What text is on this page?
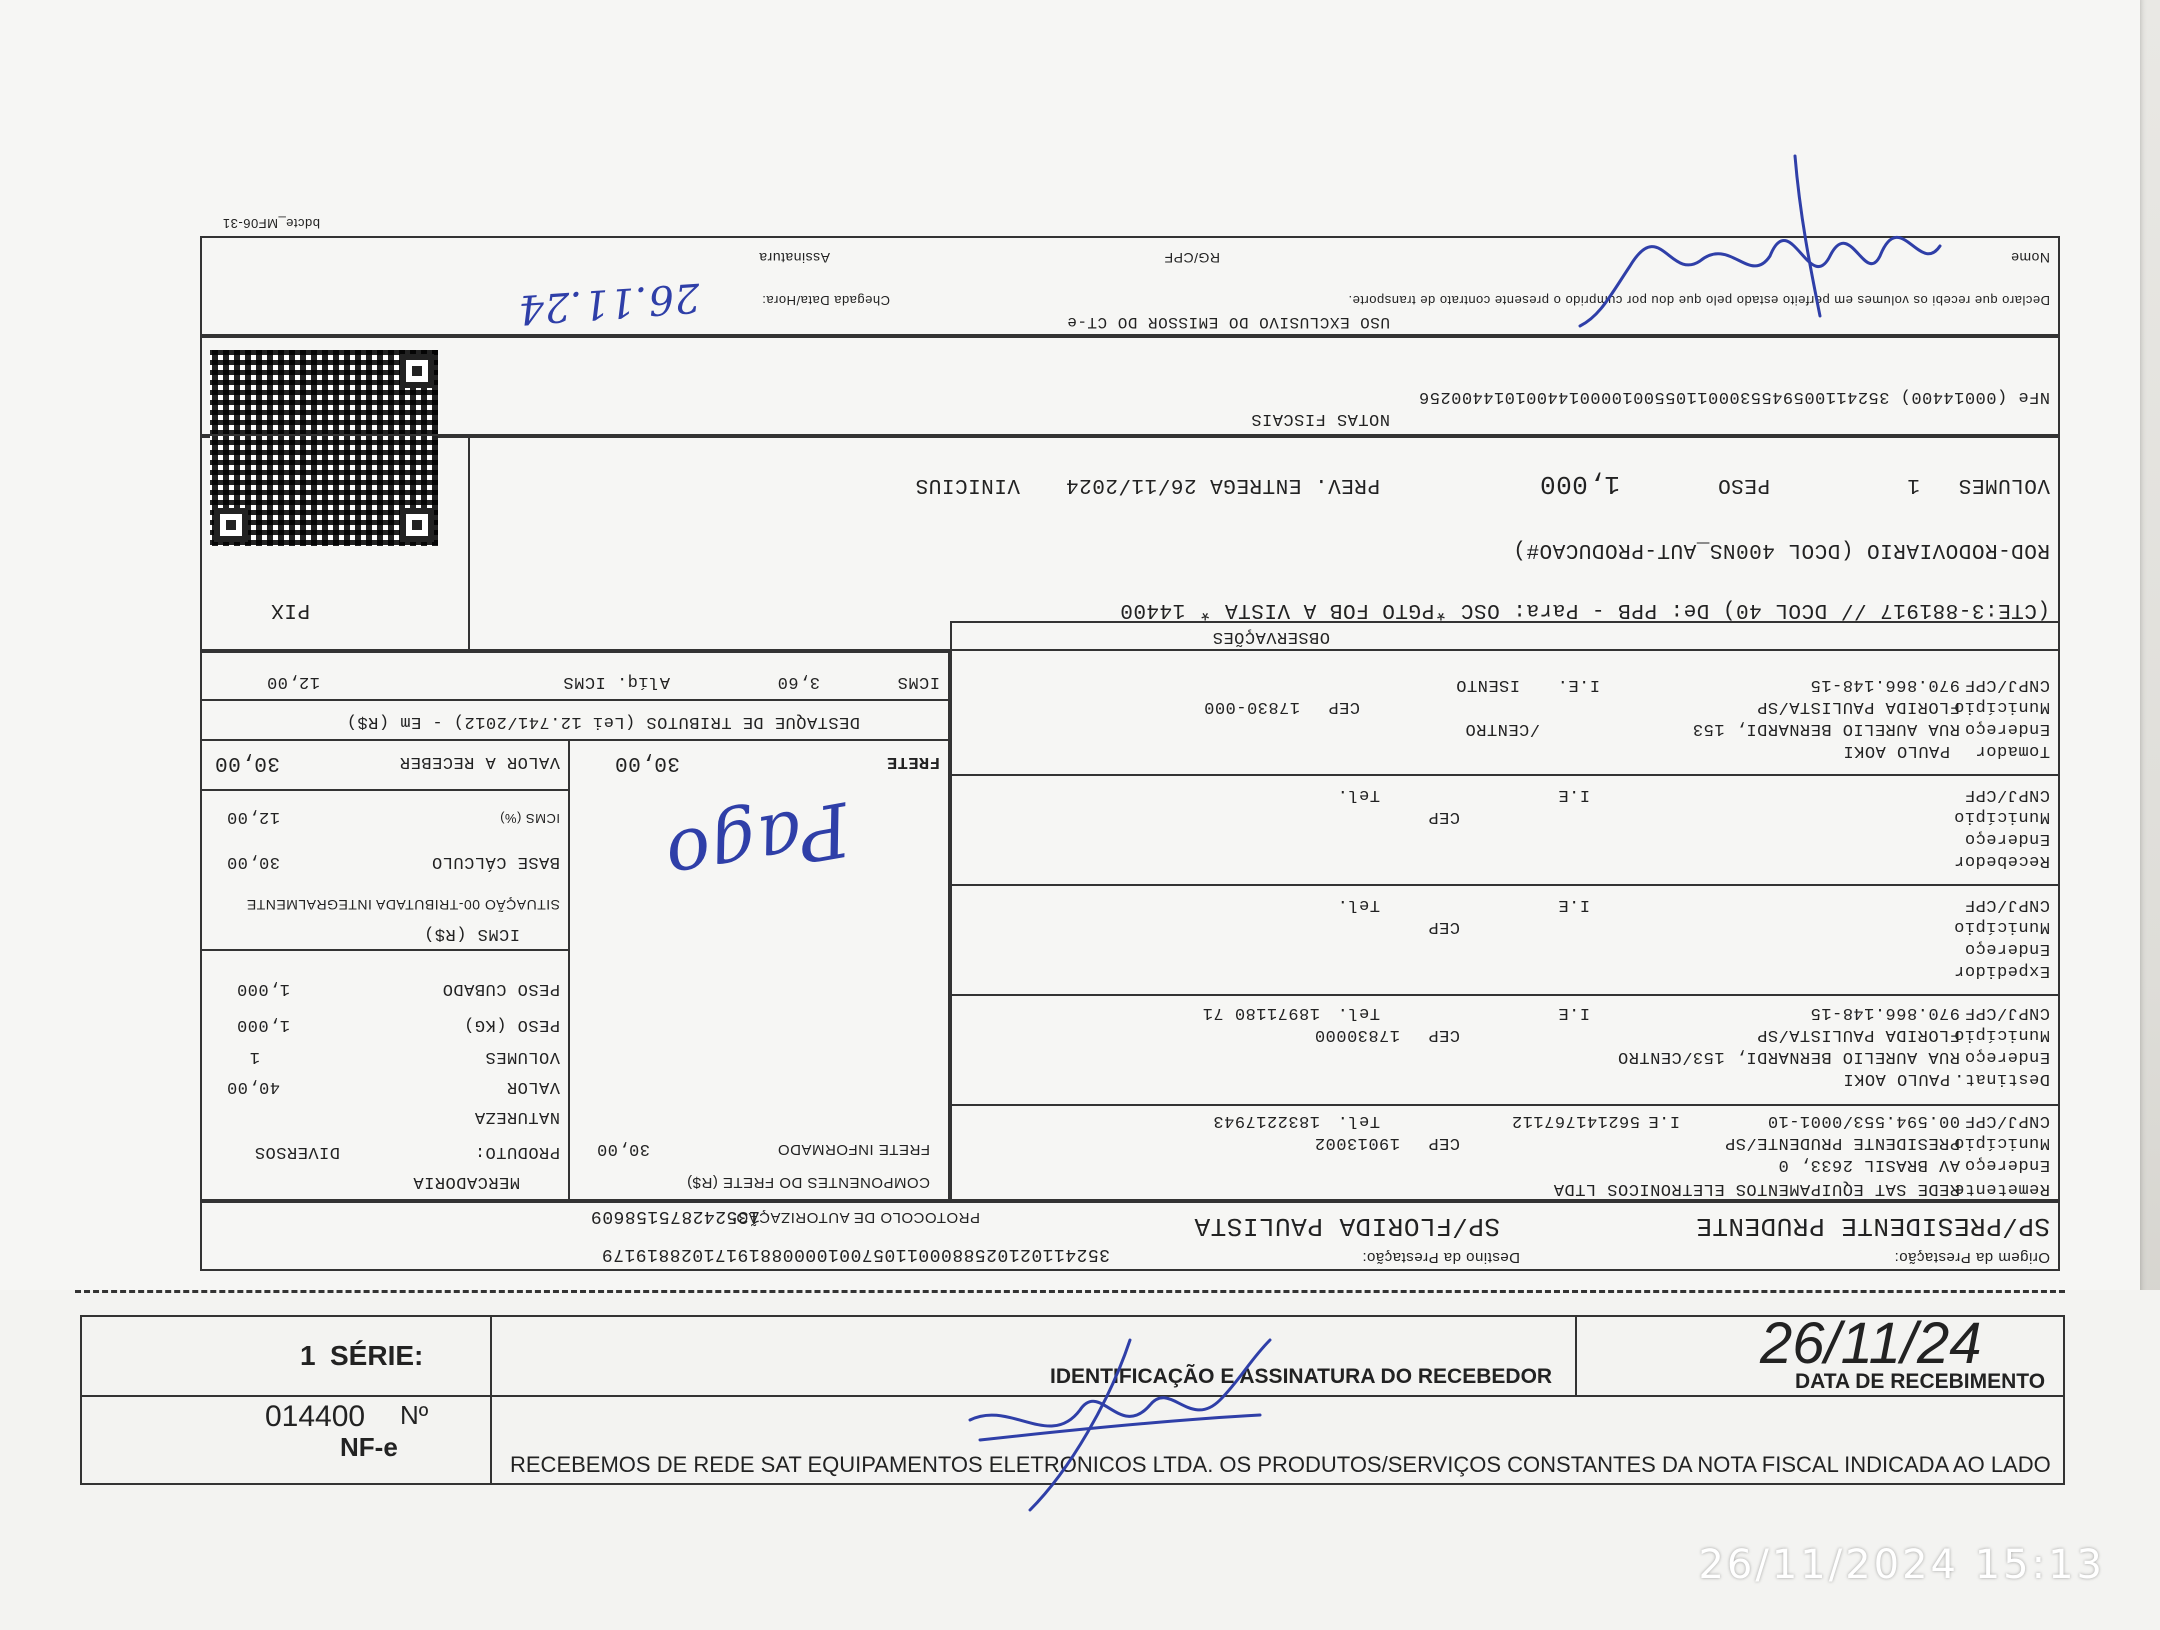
Origem da Prestação:
SP/PRESIDENTE PRUDENTE
Destino da Prestação:
SP/FLORIDA PAULISTA
352411021025880001105700100008819171028819179
PROTOCOLO DE AUTORIZAÇÃO:
135242875158609
Remetente
REDE SAT EQUIPAMENTOS ELETRONICOS LTDA
Endereço
AV BRASIL 2633, 0
Município
PRESIDENTE PRUDENTE/SP
CEP
19013002
CNPJ/CPF
00.594.553/0001-10
I.E
562141767112
Tel.
1832217943
Destinat.
PAULO AOKI
Endereço
RUA AURELIO BERNARDI, 153/CENTRO
Município
FLORIDA PAULISTA/SP
CEP
17830000
CNPJ/CPF
970.866.148-15
I.E
Tel.
18971180 71
Expedidor
Endereço
Município
CEP
CNPJ/CPF
I.E
Tel.
Recebedor
Endereço
Município
CEP
CNPJ/CPF
I.E
Tel.
Tomador
PAULO AOKI
Endereço
RUA AURELIO BERNARDI, 153
/CENTRO
Município
FLORIDA PAULISTA/SP
CEP
17830-000
CNPJ/CPF
970.866.148-15
I.E.
ISENTO
COMPONENTES DO FRETE (R$)
FRETE INFORMADO
30,00
MERCADORIA
PRODUTO:
DIVERSOS
NATUREZA
VALOR
40,00
VOLUMES
1
PESO (KG)
1,000
PESO CUBADO
1,000
ICMS (R$)
SITUAÇÃO 00-TRIBUTADA INTEGRALMENTE
BASE CÁLCULO
30,00
ICMS (%)
12,00
FRETE
30,00
VALOR A RECEBER
30,00
DESTAQUE DE TRIBUTOS (Lei 12.741/2012) - Em (R$)
ICMS
3,60
Alíq. ICMS
12,00
Pago
OBSERVAÇÕES
(CTE:3-881917 // DCOL 40) De: PPB - Para: OSC *PGTO FOB A VISTA * 14400
ROD-RODOVIARIO (DCOL 400NS_AUT-PRODUCAO#)
VOLUMES
1
PESO
1,000
PREV. ENTREGA 26/11/2024
VINICIUS
PIX
NOTAS FISCAIS
NFe (00014400) 35241100594553000110550010000144001014400256
USO EXCLUSIVO DO EMISSOR DO CT-e
Declaro que recebi os volumes em perfeito estado pelo que dou por cumprido o presente contrato de transporte.
Chegada Data/Hora:
26.11.24
Nome
RG/CPF
Assinatura
bdcte_MF06-31
RECEBEMOS DE REDE SAT EQUIPAMENTOS ELETRONICOS LTDA. OS PRODUTOS/SERVIÇOS CONSTANTES DA NOTA FISCAL INDICADA AO LADO
DATA DE RECEBIMENTO
26/11/24
IDENTIFICAÇÃO E ASSINATURA DO RECEBEDOR
NF-e
Nº
014400
SÉRIE:
1
26/11/2024 15:13
